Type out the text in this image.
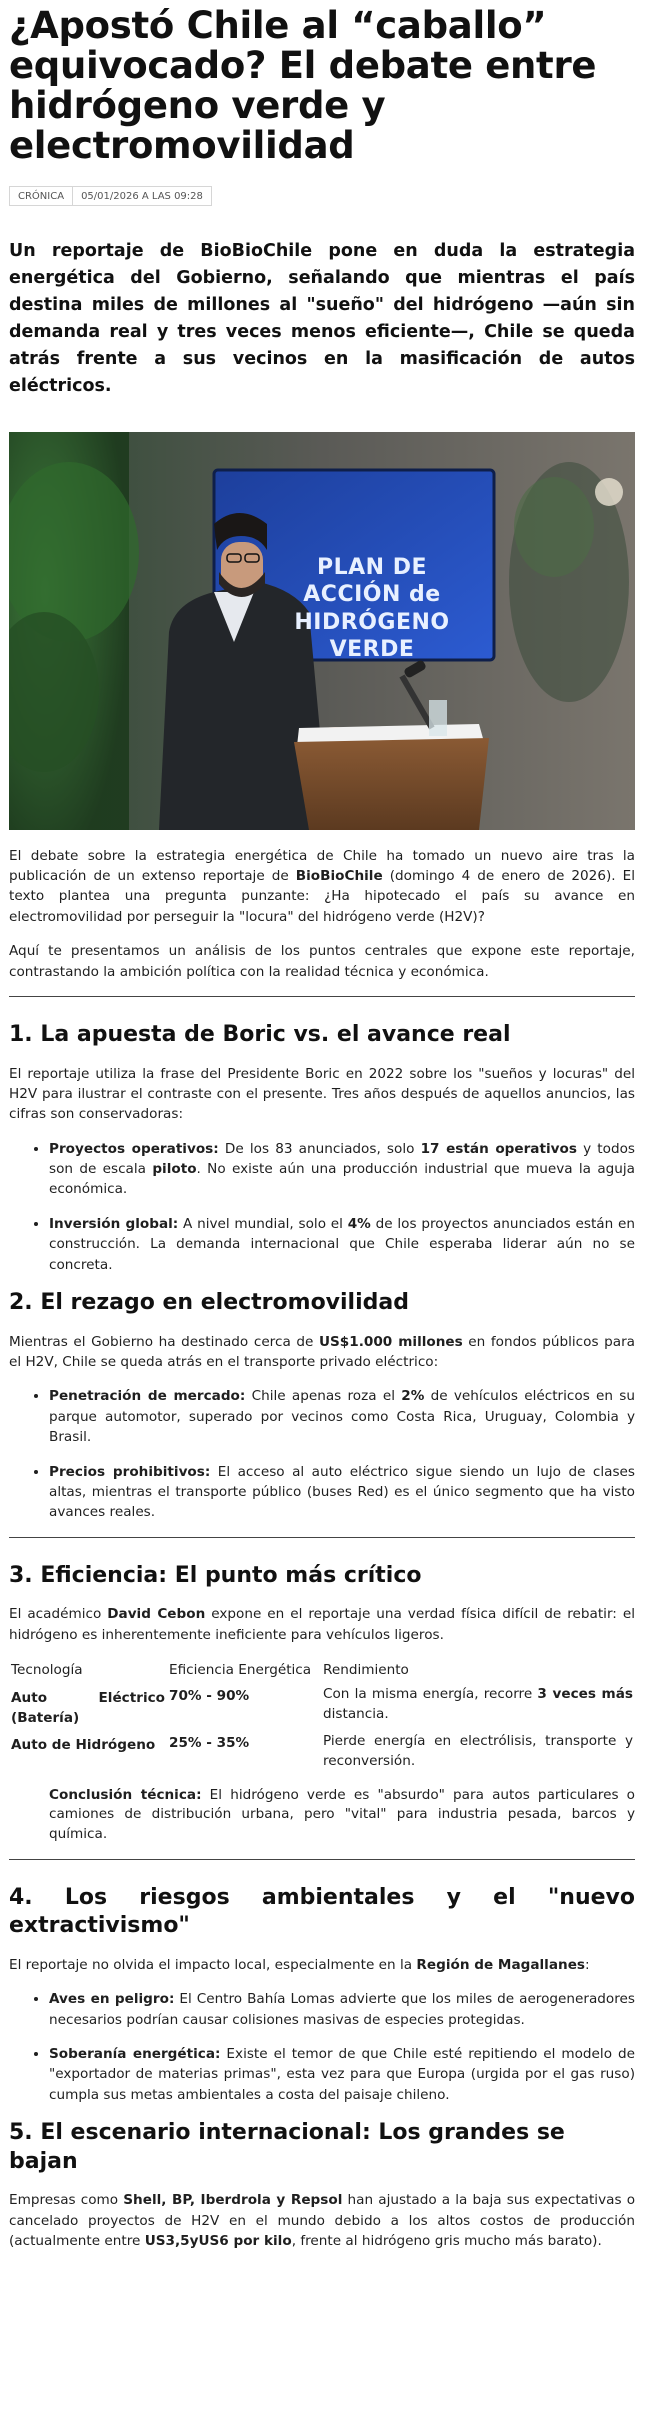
¿Apostó Chile al “caballo” equivocado? El debate entre hidrógeno verde y electromovilidad
CRÓNICA	05/01/2026 A LAS 09:28

Un reportaje de BioBioChile pone en duda la estrategia energética del Gobierno, señalando que mientras el país destina miles de millones al "sueño" del hidrógeno —aún sin demanda real y tres veces menos eficiente—, Chile se queda atrás frente a sus vecinos en la masificación de autos eléctricos.

PLAN DE ACCIÓN de HIDRÓGENO VERDE

El debate sobre la estrategia energética de Chile ha tomado un nuevo aire tras la publicación de un extenso reportaje de BioBioChile (domingo 4 de enero de 2026). El texto plantea una pregunta punzante: ¿Ha hipotecado el país su avance en electromovilidad por perseguir la "locura" del hidrógeno verde (H2V)?

Aquí te presentamos un análisis de los puntos centrales que expone este reportaje, contrastando la ambición política con la realidad técnica y económica.

1. La apuesta de Boric vs. el avance real

El reportaje utiliza la frase del Presidente Boric en 2022 sobre los "sueños y locuras" del H2V para ilustrar el contraste con el presente. Tres años después de aquellos anuncios, las cifras son conservadoras:

• Proyectos operativos: De los 83 anunciados, solo 17 están operativos y todos son de escala piloto. No existe aún una producción industrial que mueva la aguja económica.
• Inversión global: A nivel mundial, solo el 4% de los proyectos anunciados están en construcción. La demanda internacional que Chile esperaba liderar aún no se concreta.
2. El rezago en electromovilidad

Mientras el Gobierno ha destinado cerca de US$1.000 millones en fondos públicos para el H2V, Chile se queda atrás en el transporte privado eléctrico:

• Penetración de mercado: Chile apenas roza el 2% de vehículos eléctricos en su parque automotor, superado por vecinos como Costa Rica, Uruguay, Colombia y Brasil.
• Precios prohibitivos: El acceso al auto eléctrico sigue siendo un lujo de clases altas, mientras el transporte público (buses Red) es el único segmento que ha visto avances reales.
3. Eficiencia: El punto más crítico

El académico David Cebon expone en el reportaje una verdad física difícil de rebatir: el hidrógeno es inherentemente ineficiente para vehículos ligeros.

Tecnología	Eficiencia Energética	Rendimiento
Auto Eléctrico (Batería)	70% - 90%	Con la misma energía, recorre 3 veces más distancia.
Auto de Hidrógeno	25% - 35%	Pierde energía en electrólisis, transporte y reconversión.

Conclusión técnica: El hidrógeno verde es "absurdo" para autos particulares o camiones de distribución urbana, pero "vital" para industria pesada, barcos y química.

4. Los riesgos ambientales y el "nuevo extractivismo"

El reportaje no olvida el impacto local, especialmente en la Región de Magallanes:

• Aves en peligro: El Centro Bahía Lomas advierte que los miles de aerogeneradores necesarios podrían causar colisiones masivas de especies protegidas.
• Soberanía energética: Existe el temor de que Chile esté repitiendo el modelo de "exportador de materias primas", esta vez para que Europa (urgida por el gas ruso) cumpla sus metas ambientales a costa del paisaje chileno.
5. El escenario internacional: Los grandes se bajan

Empresas como Shell, BP, Iberdrola y Repsol han ajustado a la baja sus expectativas o cancelado proyectos de H2V en el mundo debido a los altos costos de producción (actualmente entre US3,5yUS6 por kilo, frente al hidrógeno gris mucho más barato).
